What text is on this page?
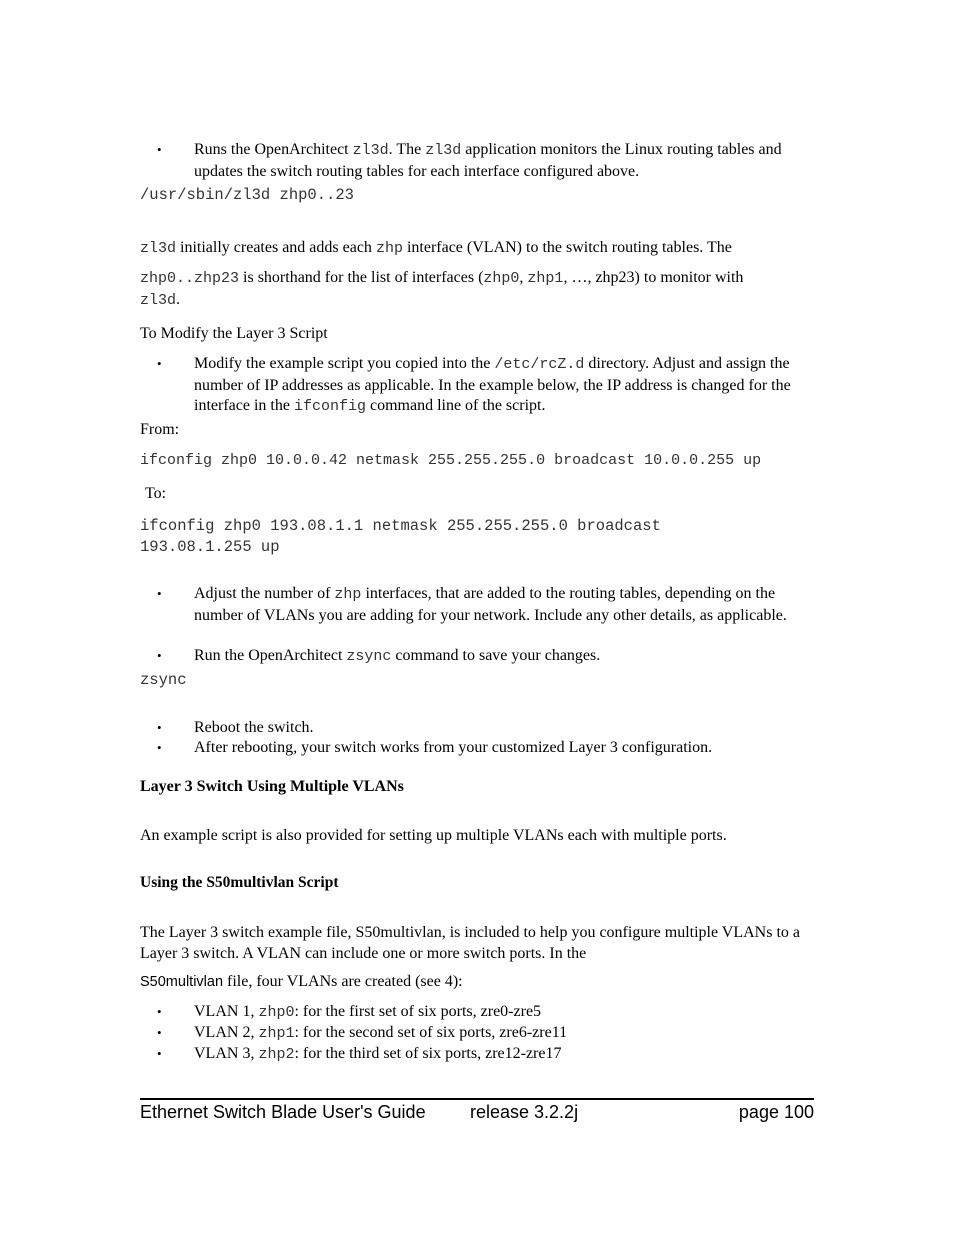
• Runs the OpenArchitect zl3d. The zl3d application monitors the Linux routing tables and updates the switch routing tables for each interface configured above.
/usr/sbin/zl3d zhp0..23
zl3d initially creates and adds each zhp interface (VLAN) to the switch routing tables. The
zhp0..zhp23 is shorthand for the list of interfaces (zhp0, zhp1, …, zhp23) to monitor with
zl3d.
To Modify the Layer 3 Script
• Modify the example script you copied into the /etc/rcZ.d directory. Adjust and assign the number of IP addresses as applicable. In the example below, the IP address is changed for the interface in the ifconfig command line of the script.
From:
ifconfig zhp0 10.0.0.42 netmask 255.255.255.0 broadcast 10.0.0.255 up
To:
ifconfig zhp0 193.08.1.1 netmask 255.255.255.0 broadcast
193.08.1.255 up
• Adjust the number of zhp interfaces, that are added to the routing tables, depending on the number of VLANs you are adding for your network. Include any other details, as applicable.
• Run the OpenArchitect zsync command to save your changes.
zsync
• Reboot the switch.
• After rebooting, your switch works from your customized Layer 3 configuration.
Layer 3 Switch Using Multiple VLANs
An example script is also provided for setting up multiple VLANs each with multiple ports.
Using the S50multivlan Script
The Layer 3 switch example file, S50multivlan, is included to help you configure multiple VLANs to a Layer 3 switch. A VLAN can include one or more switch ports. In the
S50multivlan file, four VLANs are created (see 4):
• VLAN 1, zhp0: for the first set of six ports, zre0-zre5
• VLAN 2, zhp1: for the second set of six ports, zre6-zre11
• VLAN 3, zhp2: for the third set of six ports, zre12-zre17
Ethernet Switch Blade User's Guide release 3.2.2j	page 100
